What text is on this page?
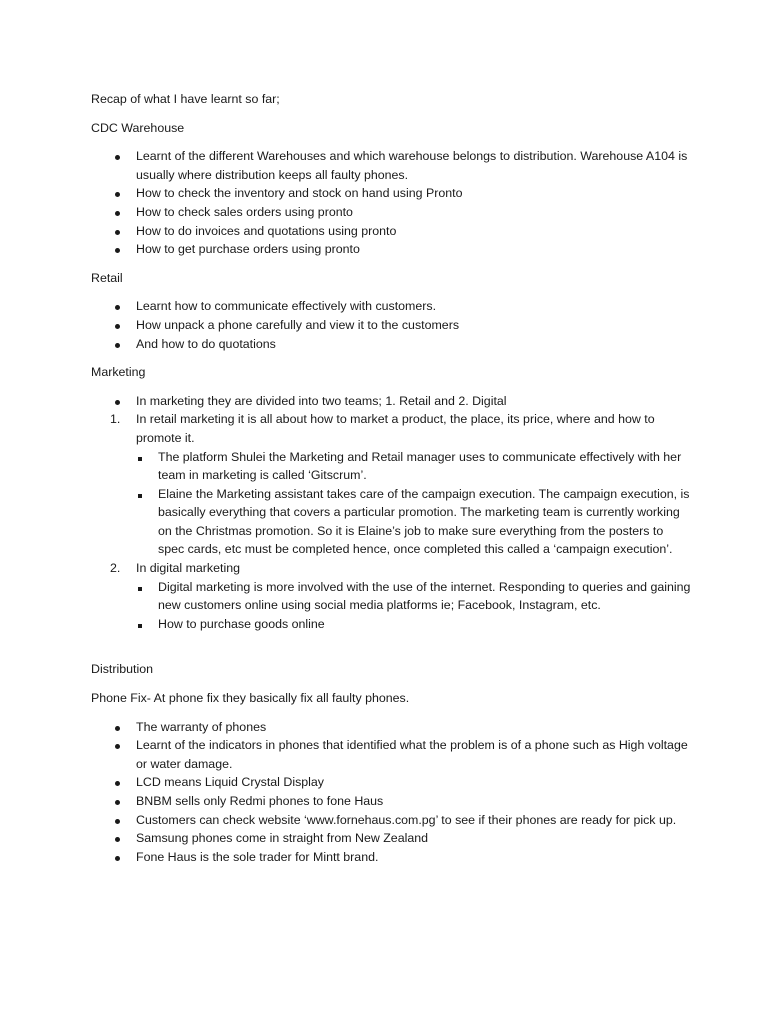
Recap of what I have learnt so far;

CDC Warehouse

Learnt of the different Warehouses and which warehouse belongs to distribution. Warehouse A104 is usually where distribution keeps all faulty phones.
How to check the inventory and stock on hand using Pronto
How to check sales orders using pronto
How to do invoices and quotations using pronto
How to get purchase orders using pronto

Retail

Learnt how to communicate effectively with customers.
How unpack a phone carefully and view it to the customers
And how to do quotations

Marketing

In marketing they are divided into two teams; 1. Retail and 2. Digital
1. In retail marketing it is all about how to market a product, the place, its price, where and how to promote it.
The platform Shulei the Marketing and Retail manager uses to communicate effectively with her team in marketing is called ‘Gitscrum’.
Elaine the Marketing assistant takes care of the campaign execution. The campaign execution, is basically everything that covers a particular promotion. The marketing team is currently working on the Christmas promotion. So it is Elaine’s job to make sure everything from the posters to spec cards, etc must be completed hence, once completed this called a ‘campaign execution’.
2. In digital marketing
Digital marketing is more involved with the use of the internet. Responding to queries and gaining new customers online using social media platforms ie; Facebook, Instagram, etc.
How to purchase goods online

Distribution

Phone Fix- At phone fix they basically fix all faulty phones.

The warranty of phones
Learnt of the indicators in phones that identified what the problem is of a phone such as High voltage or water damage.
LCD means Liquid Crystal Display
BNBM sells only Redmi phones to fone Haus
Customers can check website ‘www.fornehaus.com.pg’ to see if their phones are ready for pick up.
Samsung phones come in straight from New Zealand
Fone Haus is the sole trader for Mintt brand.
